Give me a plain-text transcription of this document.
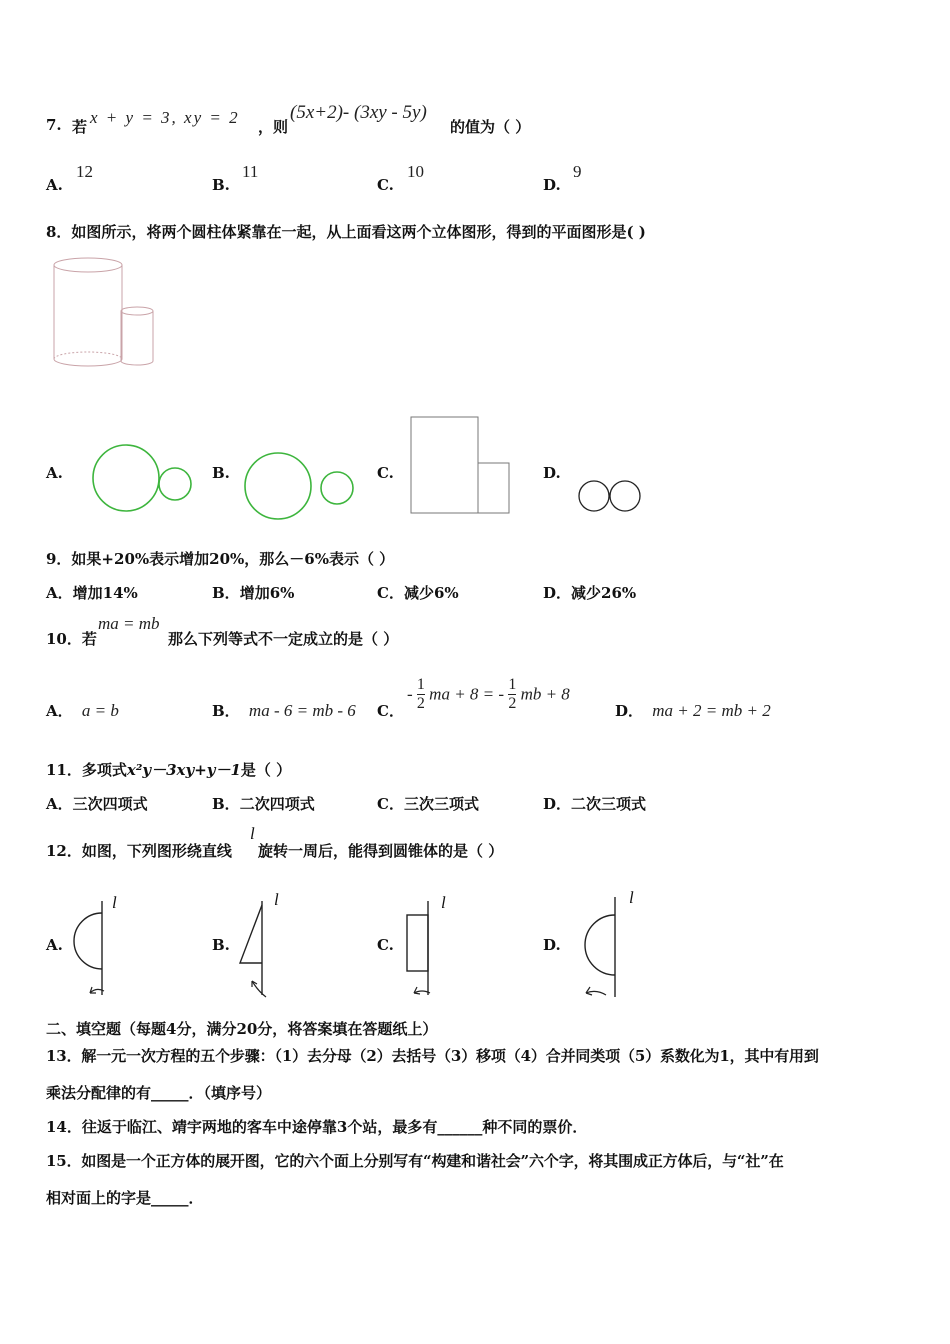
7. 若 x + y = 3, xy = 2 ，则
(5x+2)- (3xy - 5y)
的值为（ ）
A.
12
B.
11
C.
10
D.
9
8．如图所示，将两个圆柱体紧靠在一起，从上面看这两个立体图形，得到的平面图形是( )
A.	B.	C.	D.
9．如果+20%表示增加20%，那么－6%表示（ ）
A．增加14%	B．增加6%	C．减少6%	D．减少26%
10．若
ma = mb
那么下列等式不一定成立的是（ ）
A． a = b	B． ma - 6 = mb - 6 C．
- $\frac{1}{2}$ ma + 8 = - $\frac{1}{2}$ mb + 8
D． ma + 2 = mb + 2
11．多项式x²y－3xy+y－1是（ ）
A．三次四项式	B．二次四项式	C．三次三项式	D．二次三项式
12．如图，下列图形绕直线
l
旋转一周后，能得到圆锥体的是（ ）
A.
l
B.
l
C.
l
D.
l
二、填空题（每题4分，满分20分，将答案填在答题纸上）
13．解一元一次方程的五个步骤：（1）去分母（2）去括号（3）移项（4）合并同类项（5）系数化为1，其中有用到
乘法分配律的有_____．（填序号）
14．往返于临江、靖宇两地的客车中途停靠3个站，最多有______种不同的票价．
15．如图是一个正方体的展开图，它的六个面上分别写有“构建和谐社会”六个字，将其围成正方体后，与“社”在
相对面上的字是_____．
